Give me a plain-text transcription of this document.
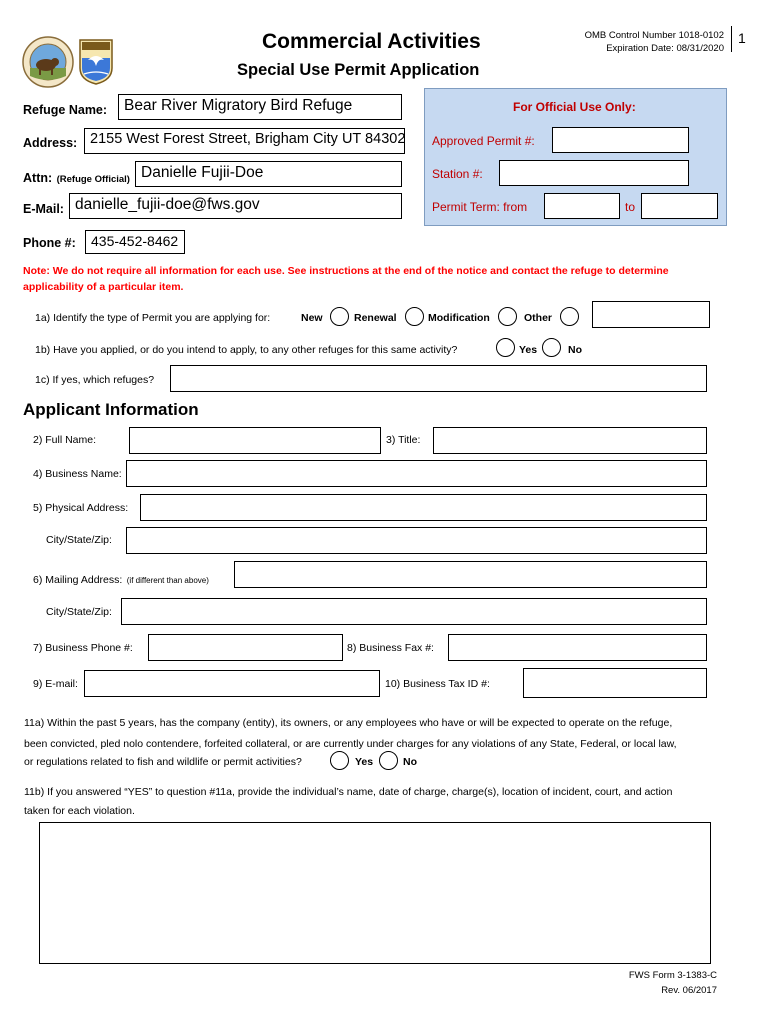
Commercial Activities
Special Use Permit Application
OMB Control Number 1018-0102
Expiration Date: 08/31/2020
1
Refuge Name:	Bear River Migratory Bird Refuge
Address: 2155 West Forest Street, Brigham City UT 84302
Attn: (Refuge Official) Danielle Fujii-Doe
E-Mail: danielle_fujii-doe@fws.gov
Phone #:	435-452-8462
For Official Use Only:
Approved Permit #:
Station #:
Permit Term: from	to
Note: We do not require all information for each use. See instructions at the end of the notice and contact the refuge to determine applicability of a particular item.
1a) Identify the type of Permit you are applying for:	New	Renewal	Modification	Other
1b) Have you applied, or do you intend to apply, to any other refuges for this same activity?	Yes	No
1c) If yes, which refuges?
Applicant Information
2) Full Name:	3) Title:
4) Business Name:
5) Physical Address:
City/State/Zip:
6) Mailing Address: (if different than above)
City/State/Zip:
7) Business Phone #:	8) Business Fax #:
9) E-mail:	10) Business Tax ID #:
11a) Within the past 5 years, has the company (entity), its owners, or any employees who have or will be expected to operate on the refuge,
been convicted, pled nolo contendere, forfeited collateral, or are currently under charges for any violations of any State, Federal, or local law,
or regulations related to fish and wildlife or permit activities?	Yes	No
11b) If you answered “YES” to question #11a, provide the individual’s name, date of charge, charge(s), location of incident, court, and action
taken for each violation.
FWS Form 3-1383-C
Rev. 06/2017
